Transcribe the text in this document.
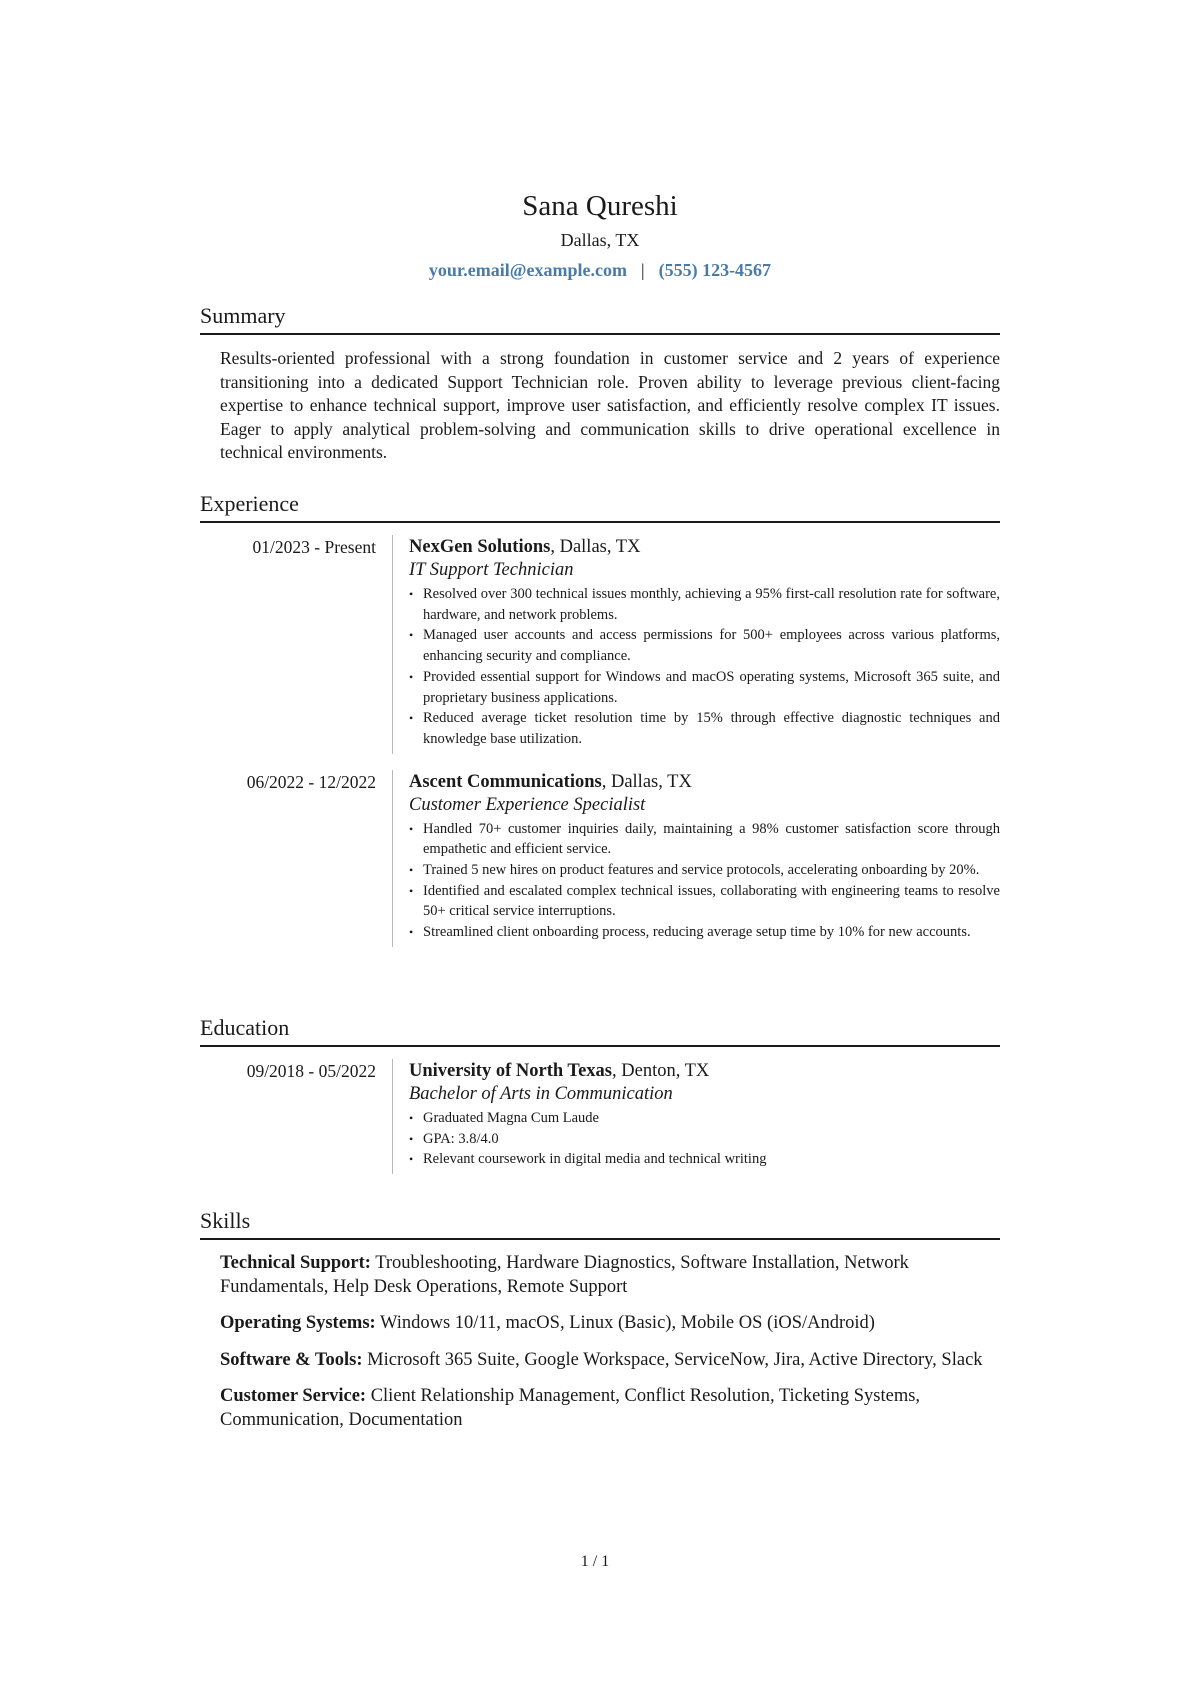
Sana Qureshi
Dallas, TX
your.email@example.com | (555) 123-4567
Summary

Results-oriented professional with a strong foundation in customer service and 2 years of experience transitioning into a dedicated Support Technician role. Proven ability to leverage previous client-facing expertise to enhance technical support, improve user satisfaction, and efficiently resolve complex IT issues. Eager to apply analytical problem-solving and communication skills to drive operational excellence in technical environments.

Experience
01/2023 - Present	NexGen Solutions, Dallas, TX
IT Support Technician
• Resolved over 300 technical issues monthly, achieving a 95% first-call resolution rate for software, hardware, and network problems.
• Managed user accounts and access permissions for 500+ employees across various platforms, enhancing security and compliance.
• Provided essential support for Windows and macOS operating systems, Microsoft 365 suite, and proprietary business applications.
• Reduced average ticket resolution time by 15% through effective diagnostic techniques and knowledge base utilization.
06/2022 - 12/2022	Ascent Communications, Dallas, TX
Customer Experience Specialist
• Handled 70+ customer inquiries daily, maintaining a 98% customer satisfaction score through empathetic and efficient service.
• Trained 5 new hires on product features and service protocols, accelerating onboarding by 20%.
• Identified and escalated complex technical issues, collaborating with engineering teams to resolve 50+ critical service interruptions.
• Streamlined client onboarding process, reducing average setup time by 10% for new accounts.
Education
09/2018 - 05/2022	University of North Texas, Denton, TX
Bachelor of Arts in Communication
• Graduated Magna Cum Laude
• GPA: 3.8/4.0
• Relevant coursework in digital media and technical writing
Skills

Technical Support: Troubleshooting, Hardware Diagnostics, Software Installation, Network Fundamentals, Help Desk Operations, Remote Support

Operating Systems: Windows 10/11, macOS, Linux (Basic), Mobile OS (iOS/Android)

Software & Tools: Microsoft 365 Suite, Google Workspace, ServiceNow, Jira, Active Directory, Slack

Customer Service: Client Relationship Management, Conflict Resolution, Ticketing Systems, Communication, Documentation

1 / 1
